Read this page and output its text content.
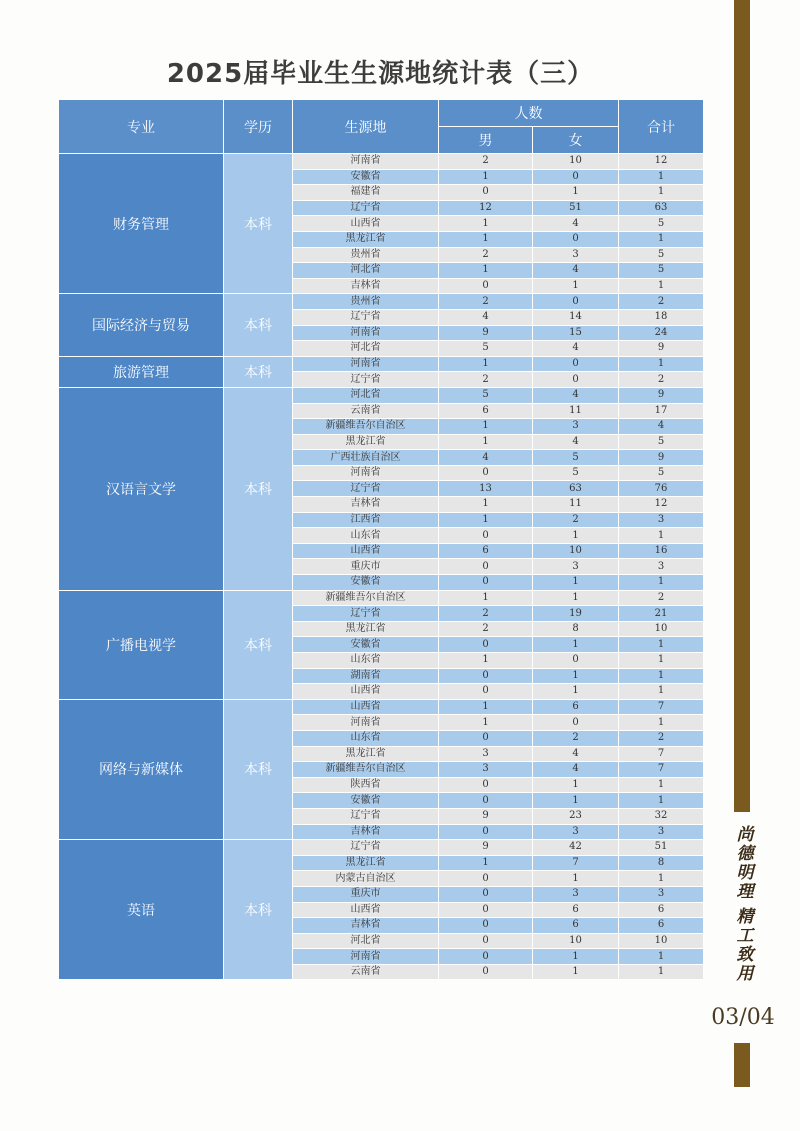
2025届毕业生生源地统计表（三）
专业	学历	生源地	人数		合计
			男	女	
财务管理	本科	河南省	2	10	12
		安徽省	1	0	1
		福建省	0	1	1
		辽宁省	12	51	63
		山西省	1	4	5
		黑龙江省	1	0	1
		贵州省	2	3	5
		河北省	1	4	5
		吉林省	0	1	1
国际经济与贸易	本科	贵州省	2	0	2
		辽宁省	4	14	18
		河南省	9	15	24
		河北省	5	4	9
旅游管理	本科	河南省	1	0	1
		辽宁省	2	0	2
汉语言文学	本科	河北省	5	4	9
		云南省	6	11	17
		新疆维吾尔自治区	1	3	4
		黑龙江省	1	4	5
		广西壮族自治区	4	5	9
		河南省	0	5	5
		辽宁省	13	63	76
		吉林省	1	11	12
		江西省	1	2	3
		山东省	0	1	1
		山西省	6	10	16
		重庆市	0	3	3
		安徽省	0	1	1
广播电视学	本科	新疆维吾尔自治区	1	1	2
		辽宁省	2	19	21
		黑龙江省	2	8	10
		安徽省	0	1	1
		山东省	1	0	1
		湖南省	0	1	1
		山西省	0	1	1
网络与新媒体	本科	山西省	1	6	7
		河南省	1	0	1
		山东省	0	2	2
		黑龙江省	3	4	7
		新疆维吾尔自治区	3	4	7
		陕西省	0	1	1
		安徽省	0	1	1
		辽宁省	9	23	32
		吉林省	0	3	3
英语	本科	辽宁省	9	42	51
		黑龙江省	1	7	8
		内蒙古自治区	0	1	1
		重庆市	0	3	3
		山西省	0	6	6
		吉林省	0	6	6
		河北省	0	10	10
		河南省	0	1	1
		云南省	0	1	1
尚
德
明
理
精
工
致
用
03/04
